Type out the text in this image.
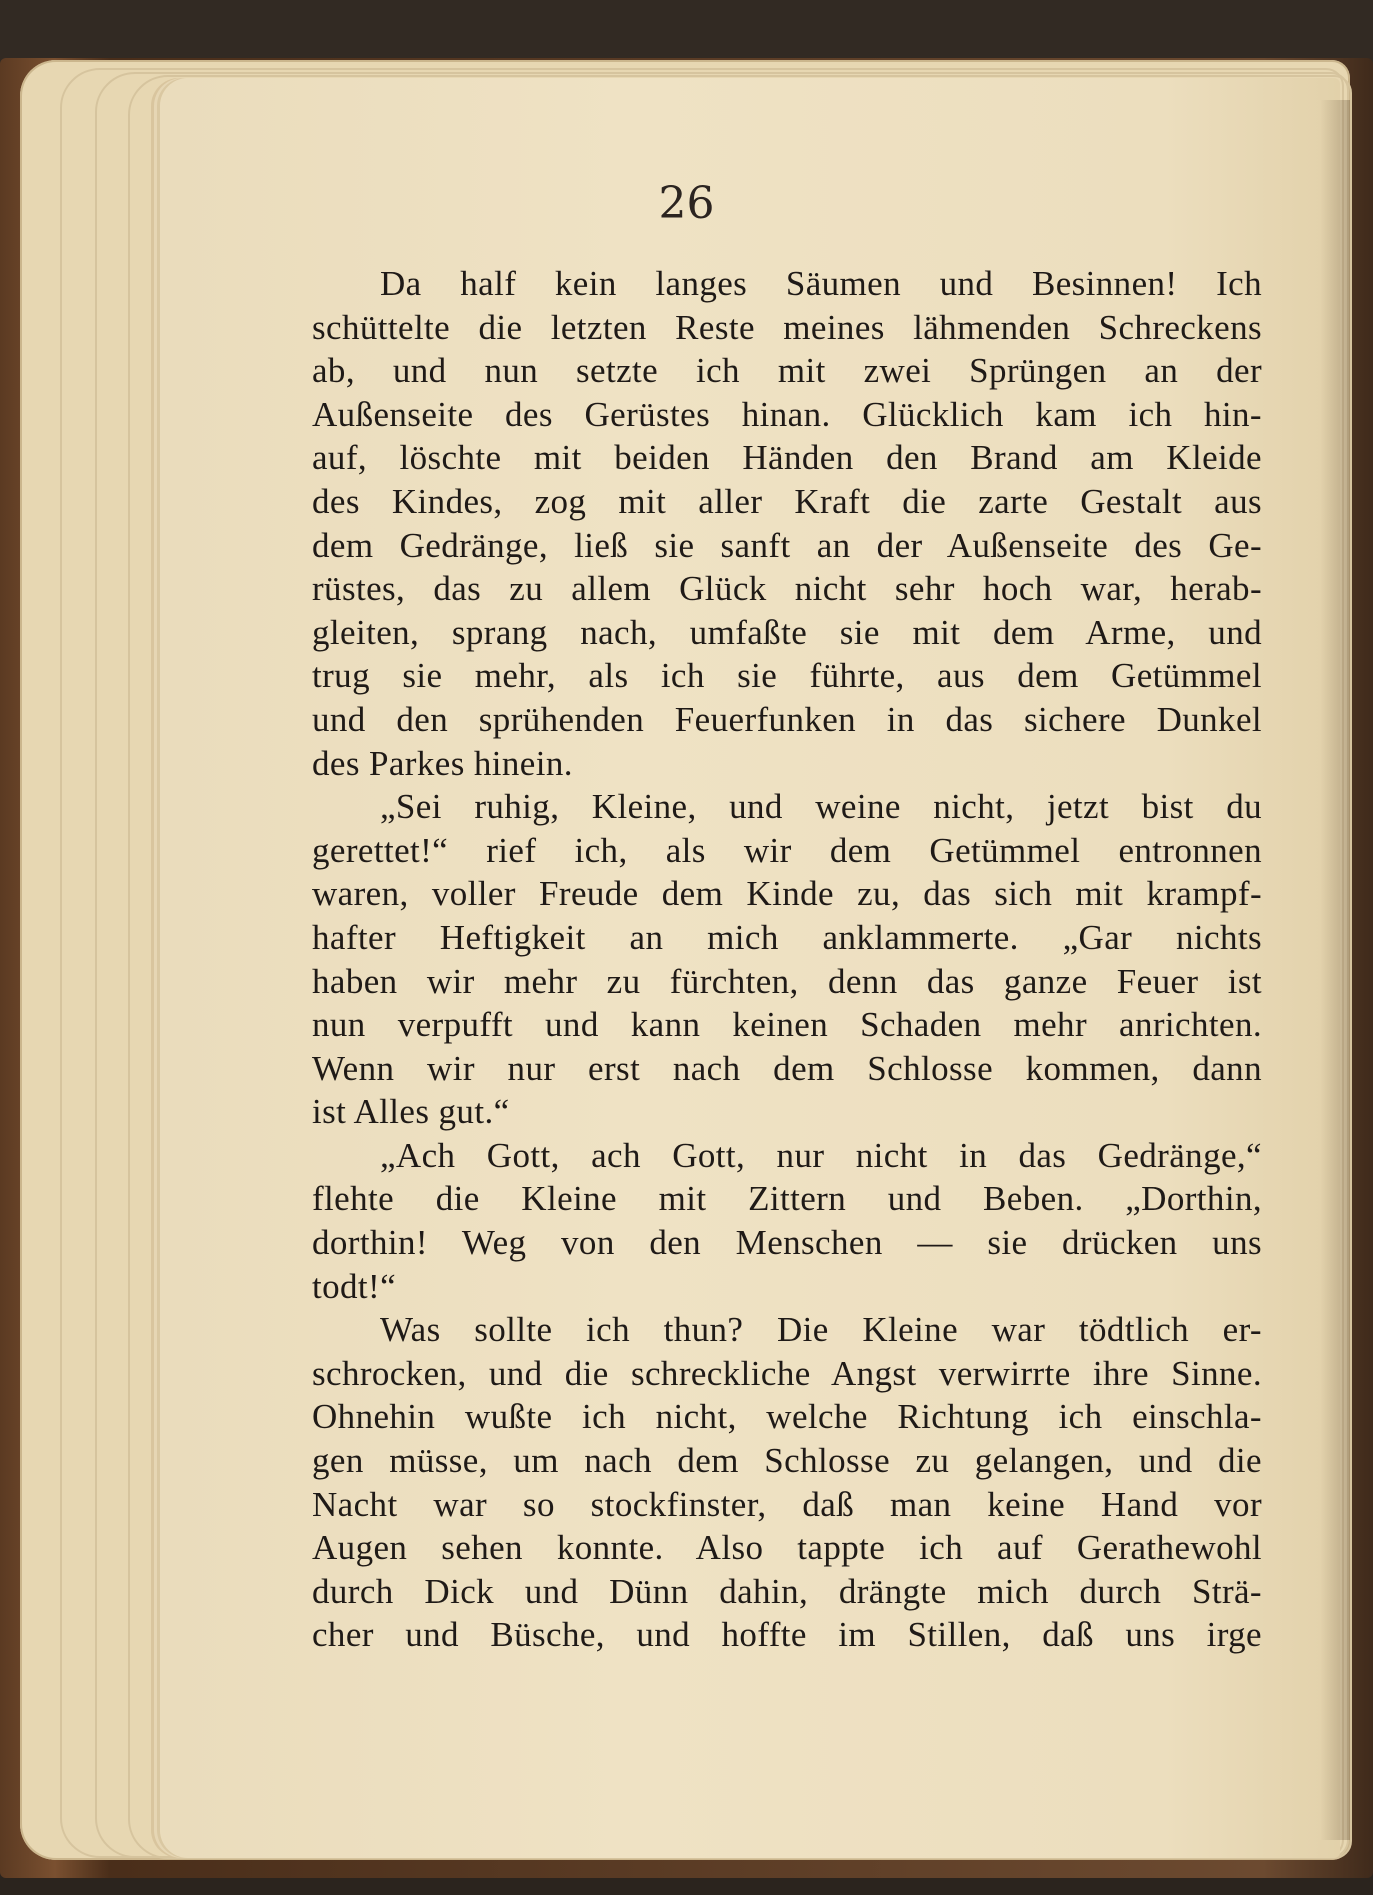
26
Da half kein langes Säumen und Besinnen! Ich
schüttelte die letzten Reste meines lähmenden Schreckens
ab, und nun setzte ich mit zwei Sprüngen an der
Außenseite des Gerüstes hinan. Glücklich kam ich hin-
auf, löschte mit beiden Händen den Brand am Kleide
des Kindes, zog mit aller Kraft die zarte Gestalt aus
dem Gedränge, ließ sie sanft an der Außenseite des Ge-
rüstes, das zu allem Glück nicht sehr hoch war, herab-
gleiten, sprang nach, umfaßte sie mit dem Arme, und
trug sie mehr, als ich sie führte, aus dem Getümmel
und den sprühenden Feuerfunken in das sichere Dunkel
des Parkes hinein.
„Sei ruhig, Kleine, und weine nicht, jetzt bist du
gerettet!“ rief ich, als wir dem Getümmel entronnen
waren, voller Freude dem Kinde zu, das sich mit krampf-
hafter Heftigkeit an mich anklammerte. „Gar nichts
haben wir mehr zu fürchten, denn das ganze Feuer ist
nun verpufft und kann keinen Schaden mehr anrichten.
Wenn wir nur erst nach dem Schlosse kommen, dann
ist Alles gut.“
„Ach Gott, ach Gott, nur nicht in das Gedränge,“
flehte die Kleine mit Zittern und Beben. „Dorthin,
dorthin! Weg von den Menschen — sie drücken uns
todt!“
Was sollte ich thun? Die Kleine war tödtlich er-
schrocken, und die schreckliche Angst verwirrte ihre Sinne.
Ohnehin wußte ich nicht, welche Richtung ich einschla-
gen müsse, um nach dem Schlosse zu gelangen, und die
Nacht war so stockfinster, daß man keine Hand vor
Augen sehen konnte. Also tappte ich auf Gerathewohl
durch Dick und Dünn dahin, drängte mich durch Strä-
cher und Büsche, und hoffte im Stillen, daß uns irge
